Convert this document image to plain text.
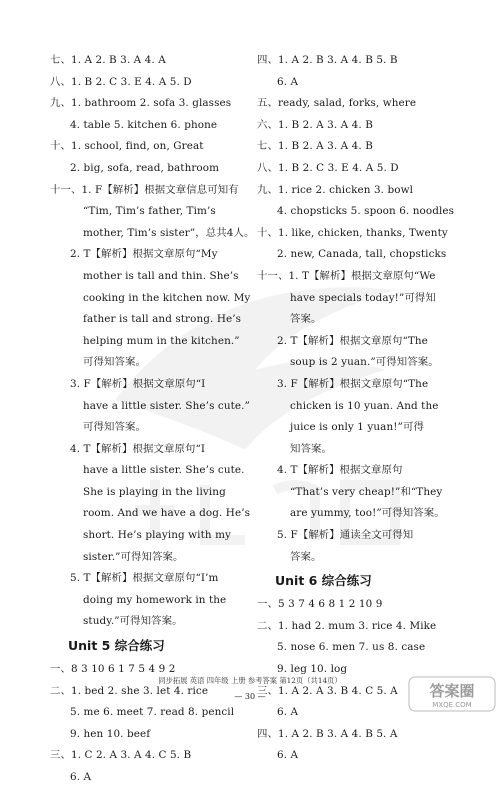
七、1. A 2. B 3. A 4. A
八、1. B 2. C 3. E 4. A 5. D
九、1. bathroom 2. sofa 3. glasses
4. table 5. kitchen 6. phone
十、1. school, find, on, Great
2. big, sofa, read, bathroom
十一、1. F【解析】根据文章信息可知有
“Tim, Tim’s father, Tim’s
mother, Tim’s sister”，总共4人。
2. T【解析】根据文章原句“My
mother is tall and thin. She’s
cooking in the kitchen now. My
father is tall and strong. He’s
helping mum in the kitchen.”
可得知答案。
3. F【解析】根据文章原句“I
have a little sister. She’s cute.”
可得知答案。
4. T【解析】根据文章原句“I
have a little sister. She’s cute.
She is playing in the living
room. And we have a dog. He’s
short. He’s playing with my
sister.”可得知答案。
5. T【解析】根据文章原句“I’m
doing my homework in the
study.”可得知答案。
Unit 5 综合练习
一、8 3 10 6 1 7 5 4 9 2
二、1. bed 2. she 3. let 4. rice
5. me 6. meet 7. read 8. pencil
9. hen 10. beef
三、1. C 2. A 3. A 4. C 5. B
6. A
四、1. A 2. B 3. A 4. B 5. B
6. A
五、ready, salad, forks, where
六、1. B 2. A 3. A 4. B
七、1. B 2. A 3. A 4. B
八、1. B 2. C 3. E 4. A 5. D
九、1. rice 2. chicken 3. bowl
4. chopsticks 5. spoon 6. noodles
十、1. like, chicken, thanks, Twenty
2. new, Canada, tall, chopsticks
十一、1. T【解析】根据文章原句“We
have specials today!”可得知
答案。
2. T【解析】根据文章原句“The
soup is 2 yuan.”可得知答案。
3. F【解析】根据文章原句“The
chicken is 10 yuan. And the
juice is only 1 yuan!”可得
知答案。
4. T【解析】根据文章原句
“That’s very cheap!”和“They
are yummy, too!”可得知答案。
5. F【解析】通读全文可得知
答案。
Unit 6 综合练习
一、5 3 7 4 6 8 1 2 10 9
二、1. had 2. mum 3. rice 4. Mike
5. nose 6. men 7. us 8. case
9. leg 10. log
三、1. A 2. A 3. B 4. C 5. A
6. A
四、1. A 2. B 3. A 4. B 5. A
6. A
同步拓展 英语 四年级 上册 参考答案 第12页（共14页）
— 30 —	答案圈
MXQE.COM
